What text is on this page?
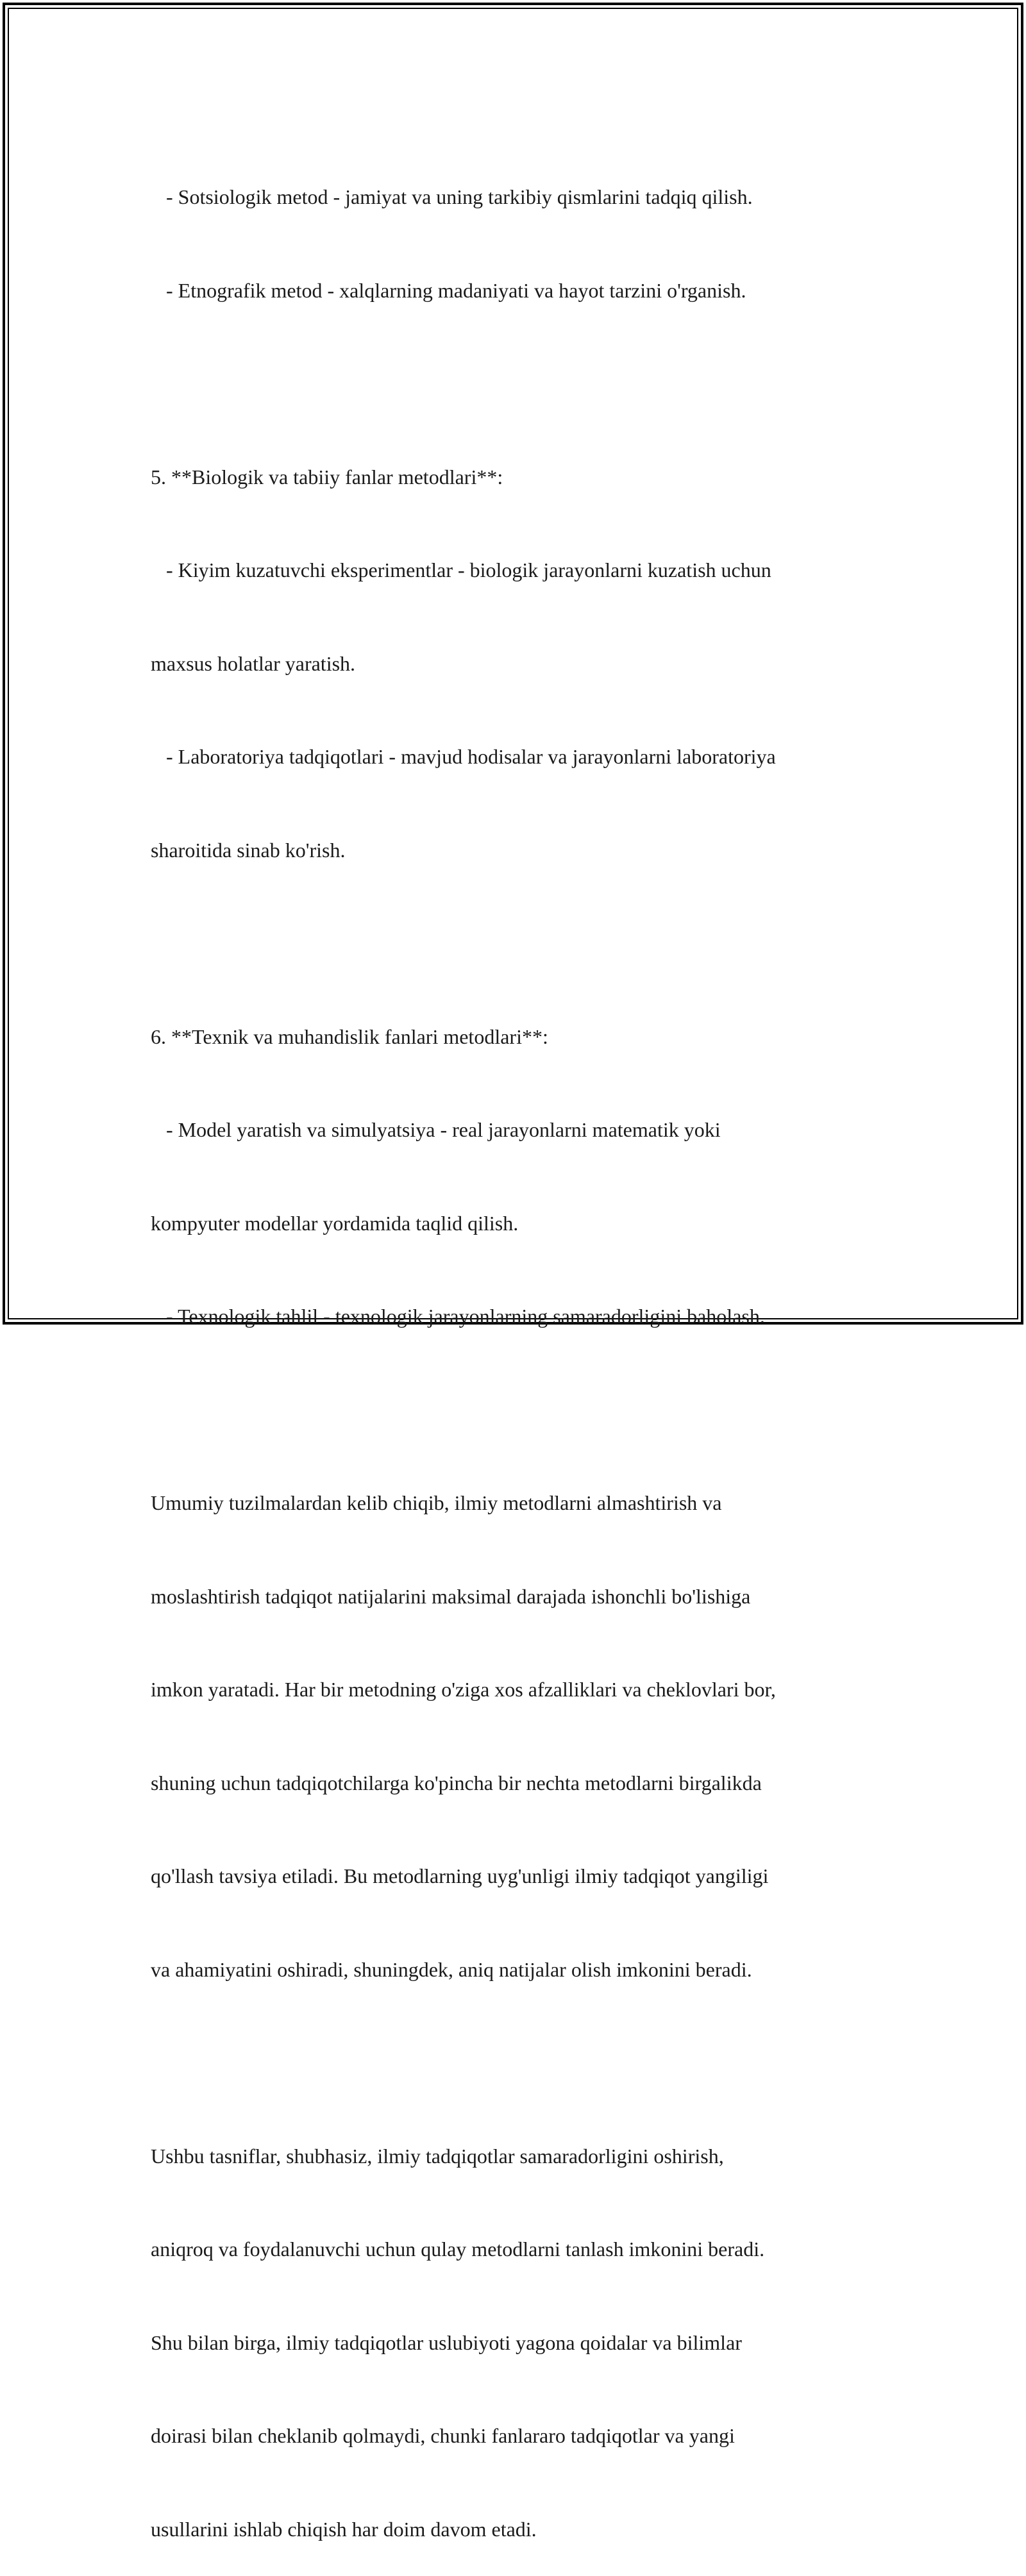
- Sotsiologik metod - jamiyat va uning tarkibiy qismlarini tadqiq qilish.

- Etnografik metod - xalqlarning madaniyati va hayot tarzini o'rganish.

5. **Biologik va tabiiy fanlar metodlari**:

- Kiyim kuzatuvchi eksperimentlar - biologik jarayonlarni kuzatish uchun

maxsus holatlar yaratish.

- Laboratoriya tadqiqotlari - mavjud hodisalar va jarayonlarni laboratoriya

sharoitida sinab ko'rish.

6. **Texnik va muhandislik fanlari metodlari**:

- Model yaratish va simulyatsiya - real jarayonlarni matematik yoki

kompyuter modellar yordamida taqlid qilish.

- Texnologik tahlil - texnologik jarayonlarning samaradorligini baholash.

Umumiy tuzilmalardan kelib chiqib, ilmiy metodlarni almashtirish va

moslashtirish tadqiqot natijalarini maksimal darajada ishonchli bo'lishiga

imkon yaratadi. Har bir metodning o'ziga xos afzalliklari va cheklovlari bor,

shuning uchun tadqiqotchilarga ko'pincha bir nechta metodlarni birgalikda

qo'llash tavsiya etiladi. Bu metodlarning uyg'unligi ilmiy tadqiqot yangiligi

va ahamiyatini oshiradi, shuningdek, aniq natijalar olish imkonini beradi.

Ushbu tasniflar, shubhasiz, ilmiy tadqiqotlar samaradorligini oshirish,

aniqroq va foydalanuvchi uchun qulay metodlarni tanlash imkonini beradi.

Shu bilan birga, ilmiy tadqiqotlar uslubiyoti yagona qoidalar va bilimlar

doirasi bilan cheklanib qolmaydi, chunki fanlararo tadqiqotlar va yangi

usullarini ishlab chiqish har doim davom etadi.
